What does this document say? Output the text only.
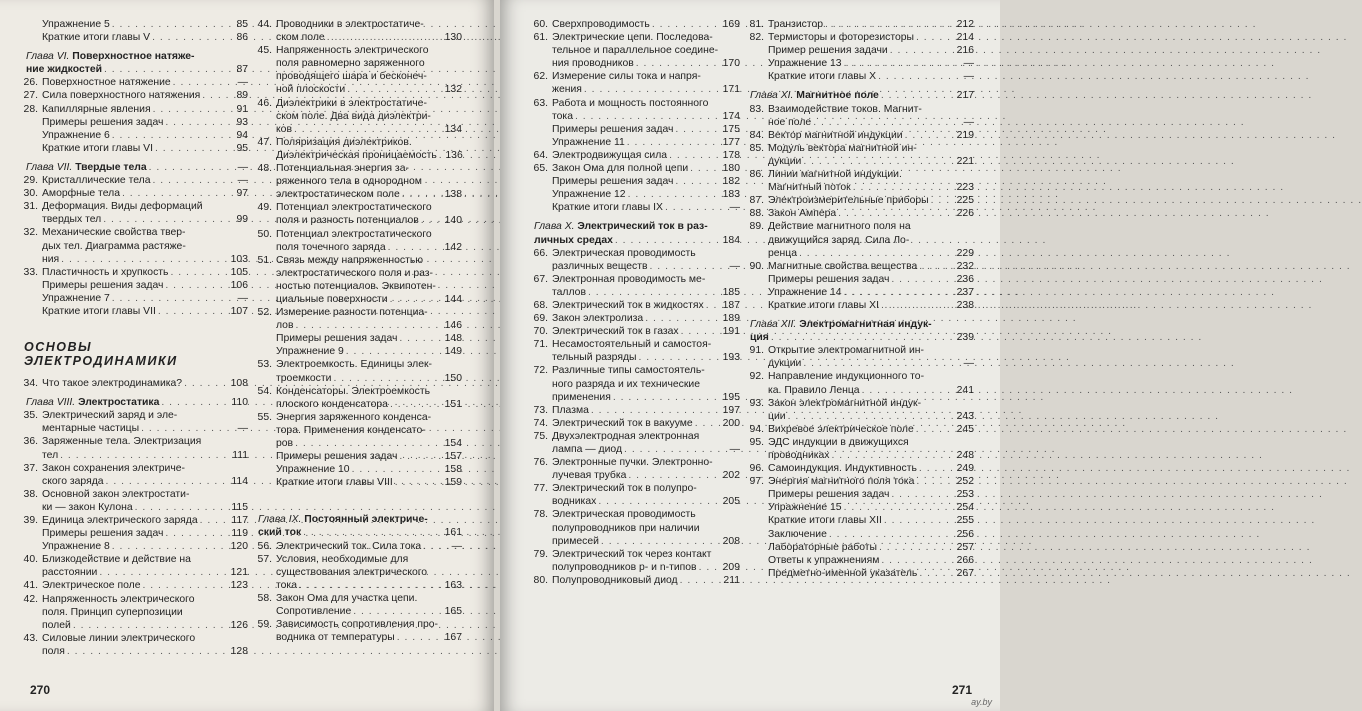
Упражнение 5 . . .	85
Краткие итоги главы V . . .	86
Глава VI. Поверхностное натяже-
ние жидкостей . . .	87
26. Поверхностное натяжение . . .	—
27. Сила поверхностного натяжения . . .	89
28. Капиллярные явления . . .	91
Примеры решения задач . . .	93
Упражнение 6 . . .	94
Краткие итоги главы VI . . .	95
Глава VII. Твердые тела . . .	—
29. Кристаллические тела . . .	—
30. Аморфные тела . . .	97
31. Деформация. Виды деформаций
твердых тел . . .	99
32. Механические свойства твер-
дых тел. Диаграмма растяже-
ния . . .	103
33. Пластичность и хрупкость . . .	105
Примеры решения задач . . .	106
Упражнение 7 . . .	—
Краткие итоги главы VII . . .	107
ОСНОВЫ ЭЛЕКТРОДИНАМИКИ
34. Что такое электродинамика? . . .	108
Глава VIII. Электростатика . . .	110
35. Электрический заряд и эле-
ментарные частицы . . .	—
36. Заряженные тела. Электризация
тел . . .	111
37. Закон сохранения электриче-
ского заряда . . .	114
38. Основной закон электростати-
ки — закон Кулона . . .	115
39. Единица электрического заряда . . .	117
Примеры решения задач . . .	119
Упражнение 8 . . .	120
40. Близкодействие и действие на
расстоянии . . .	121
41. Электрическое поле . . .	123
42. Напряженность электрического
поля. Принцип суперпозиции
полей . . .	126
43. Силовые линии электрического
поля . . .	128
44. Проводники в электростатиче-
ском поле . . .	130
45. Напряженность электрического
поля равномерно заряженного
проводящего шара и бесконеч-
ной плоскости . . .	132
46. Диэлектрики в электростатиче-
ском поле. Два вида диэлектри-
ков . . .	134
47. Поляризация диэлектриков.
Диэлектрическая проницаемость . . . 136
48. Потенциальная энергия за-
ряженного тела в однородном
электростатическом поле . . .	138
49. Потенциал электростатического
поля и разность потенциалов . . . 140
50. Потенциал электростатического
поля точечного заряда . . .	142
51. Связь между напряженностью
электростатического поля и раз-
ностью потенциалов. Эквипотен-
циальные поверхности . . .	144
52. Измерение разности потенциа-
лов . . .	146
Примеры решения задач . . .	148
Упражнение 9 . . .	149
53. Электроемкость. Единицы элек-
троемкости . . .	150
54. Конденсаторы. Электроемкость
плоского конденсатора . . .	151
55. Энергия заряженного конденса-
тора. Применения конденсато-
ров . . .	154
Примеры решения задач . . .	157
Упражнение 10 . . .	158
Краткие итоги главы VIII . . .	159
Глава IX. Постоянный электриче-
ский ток . . .	161
56. Электрический ток. Сила тока . . .	—
57. Условия, необходимые для
существования электрического
тока . . .	163
58. Закон Ома для участка цепи.
Сопротивление . . .	165
59. Зависимость сопротивления про-
водника от температуры . . .	167
270
60. Сверхпроводимость . . .	169
61. Электрические цепи. Последова-
тельное и параллельное соедине-
ния проводников . . .	170
62. Измерение силы тока и напря-
жения . . .	171
63. Работа и мощность постоянного
тока . . .	174
Примеры решения задач . . .	175
Упражнение 11 . . .	177
64. Электродвижущая сила . . .	178
65. Закон Ома для полной цепи . . .	180
Примеры решения задач . . .	182
Упражнение 12 . . .	183
Краткие итоги главы IX . . .	—
Глава X. Электрический ток в раз-
личных средах . . .	184
66. Электрическая проводимость
различных веществ . . .	—
67. Электронная проводимость ме-
таллов . . .	185
68. Электрический ток в жидкостях . . . 187
69. Закон электролиза . . .	189
70. Электрический ток в газах . . .	191
71. Несамостоятельный и самостоя-
тельный разряды . . .	193
72. Различные типы самостоятель-
ного разряда и их технические
применения . . .	195
73. Плазма . . .	197
74. Электрический ток в вакууме . . .	200
75. Двухэлектродная электронная
лампа — диод . . .	—
76. Электронные пучки. Электронно-
лучевая трубка . . .	202
77. Электрический ток в полупро-
водниках . . .	205
78. Электрическая проводимость
полупроводников при наличии
примесей . . .	208
79. Электрический ток через контакт
полупроводников p- и n-типов . . .	209
80. Полупроводниковый диод . . .	211
81. Транзистор . . .	212
82. Термисторы и фоторезисторы . . .	214
Пример решения задачи . . .	216
Упражнение 13 . . .	—
Краткие итоги главы X . . .	—
Глава XI. Магнитное поле . . .	217
83. Взаимодействие токов. Магнит-
ное поле . . .	—
84. Вектор магнитной индукции . . .	219
85. Модуль вектора магнитной ин-
дукции . . .	221
86. Линии магнитной индукции.
Магнитный поток . . .	223
87. Электроизмерительные приборы . . .	225
88. Закон Ампера . . .	226
89. Действие магнитного поля на
движущийся заряд. Сила Ло-
ренца . . .	229
90. Магнитные свойства вещества . . .	232
Примеры решения задач . . .	236
Упражнение 14 . . .	237
Краткие итоги главы XI . . .	238
Глава XII. Электромагнитная индук-
ция . . .	239
91. Открытие электромагнитной ин-
дукции . . .	—
92. Направление индукционного то-
ка. Правило Ленца . . .	241
93. Закон электромагнитной индук-
ции . . .	243
94. Вихревое электрическое поле . . .	245
95. ЭДС индукции в движущихся
проводниках . . .	248
96. Самоиндукция. Индуктивность . . .	249
97. Энергия магнитного поля тока . . .	252
Примеры решения задач . . .	253
Упражнение 15 . . .	254
Краткие итоги главы XII . . .	255
Заключение . . .	256
Лабораторные работы . . .	257
Ответы к упражнениям . . .	266
Предметно-именной указатель . . .	267
271
ay.by
